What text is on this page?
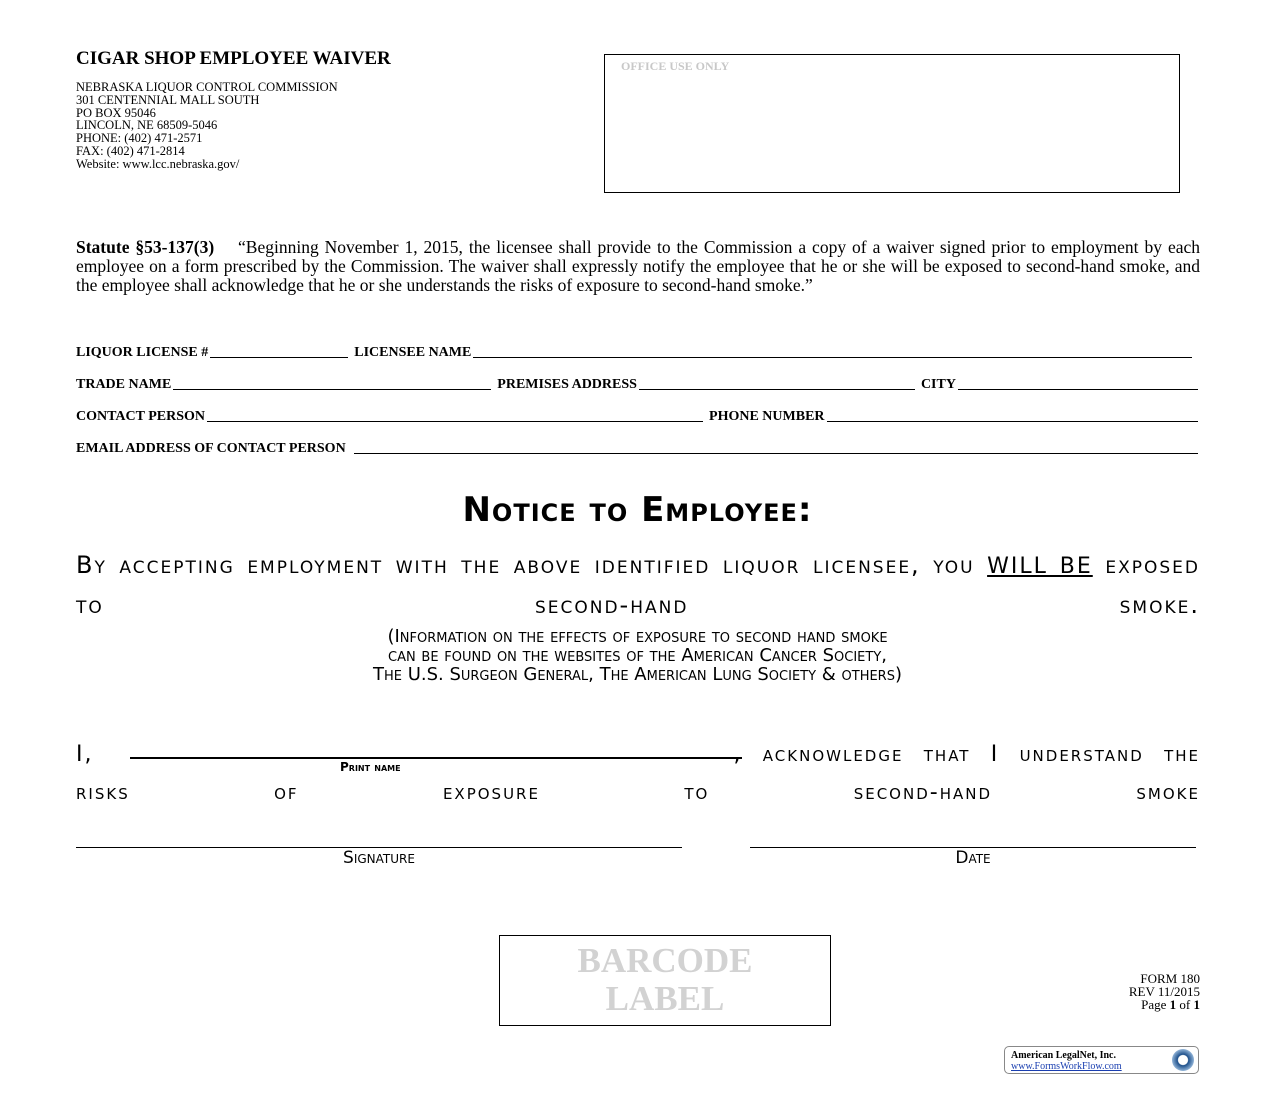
CIGAR SHOP EMPLOYEE WAIVER
NEBRASKA LIQUOR CONTROL COMMISSION
301 CENTENNIAL MALL SOUTH
PO BOX 95046
LINCOLN, NE 68509-5046
PHONE: (402) 471-2571
FAX: (402) 471-2814
Website: www.lcc.nebraska.gov/
OFFICE USE ONLY
Statute §53-137(3) “Beginning November 1, 2015, the licensee shall provide to the Commission a copy of a waiver signed prior to employment by each employee on a form prescribed by the Commission. The waiver shall expressly notify the employee that he or she will be exposed to second-hand smoke, and the employee shall acknowledge that he or she understands the risks of exposure to second-hand smoke.”
LIQUOR LICENSE #	LICENSEE NAME
TRADE NAME	PREMISES ADDRESS	CITY
CONTACT PERSON	PHONE NUMBER
EMAIL ADDRESS OF CONTACT PERSON
Notice to Employee:
By accepting employment with the above identified liquor licensee, you WILL BE exposed to second-hand smoke.
(Information on the effects of exposure to second hand smoke
can be found on the websites of the American Cancer Society,
The U.S. Surgeon General, The American Lung Society & others)
I,	, acknowledge that I understand the risks of exposure to second-hand smoke
Print name
Signature	Date
BARCODE
LABEL
FORM 180
REV 11/2015
Page 1 of 1
American LegalNet, Inc.
www.FormsWorkFlow.com
